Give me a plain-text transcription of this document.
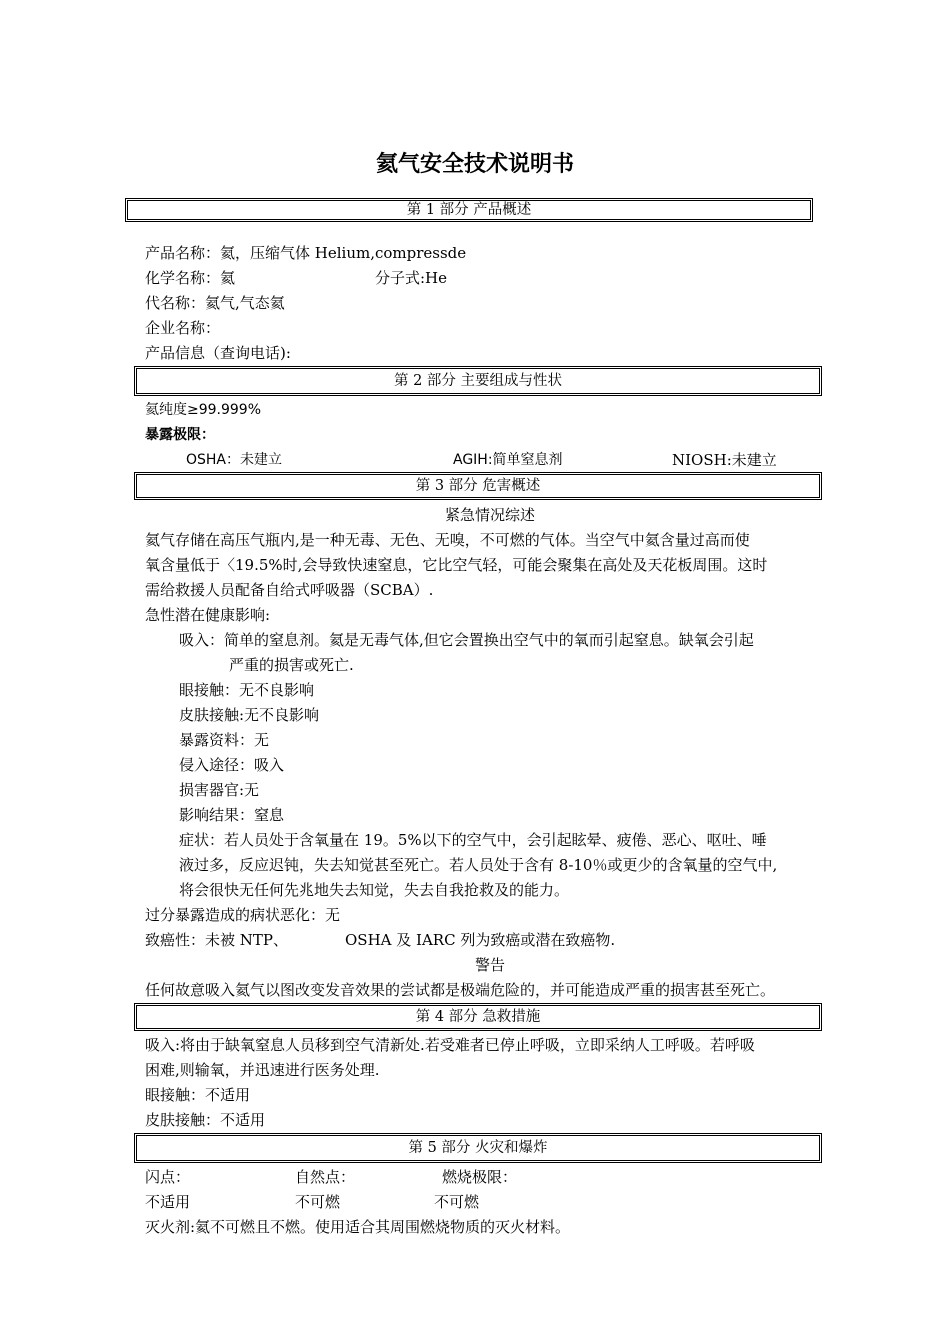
氦气安全技术说明书
第 1 部分 产品概述
产品名称：氦，压缩气体 Helium,compressde
化学名称：氦	分子式:He
代名称：氦气,气态氦
企业名称：
产品信息（查询电话):
第 2 部分 主要组成与性状
氦纯度≥99.999%
暴露极限：
OSHA：未建立	AGIH:简单窒息剂	NIOSH:未建立
第 3 部分 危害概述
紧急情况综述
氦气存储在高压气瓶内,是一种无毒、无色、无嗅，不可燃的气体。当空气中氦含量过高而使
氧含量低于〈19.5%时,会导致快速窒息，它比空气轻，可能会聚集在高处及天花板周围。这时
需给救援人员配备自给式呼吸器（SCBA）.
急性潜在健康影响:
吸入：简单的窒息剂。氦是无毒气体,但它会置换出空气中的氧而引起窒息。缺氧会引起
严重的损害或死亡.
眼接触：无不良影响
皮肤接触:无不良影响
暴露资料：无
侵入途径：吸入
损害器官:无
影响结果：窒息
症状：若人员处于含氧量在 19。5%以下的空气中，会引起眩晕、疲倦、恶心、呕吐、唾
液过多，反应迟钝，失去知觉甚至死亡。若人员处于含有 8-10％或更少的含氧量的空气中,
将会很快无任何先兆地失去知觉，失去自我抢救及的能力。
过分暴露造成的病状恶化：无
致癌性：未被 NTP、	OSHA 及 IARC 列为致癌或潜在致癌物.
警告
任何故意吸入氦气以图改变发音效果的尝试都是极端危险的，并可能造成严重的损害甚至死亡。
第 4 部分 急救措施
吸入:将由于缺氧窒息人员移到空气清新处.若受难者已停止呼吸，立即采纳人工呼吸。若呼吸
困难,则输氧，并迅速进行医务处理.
眼接触：不适用
皮肤接触：不适用
第 5 部分 火灾和爆炸
闪点：	自然点：	燃烧极限：
不适用	不可燃	不可燃
灭火剂:氦不可燃且不燃。使用适合其周围燃烧物质的灭火材料。
